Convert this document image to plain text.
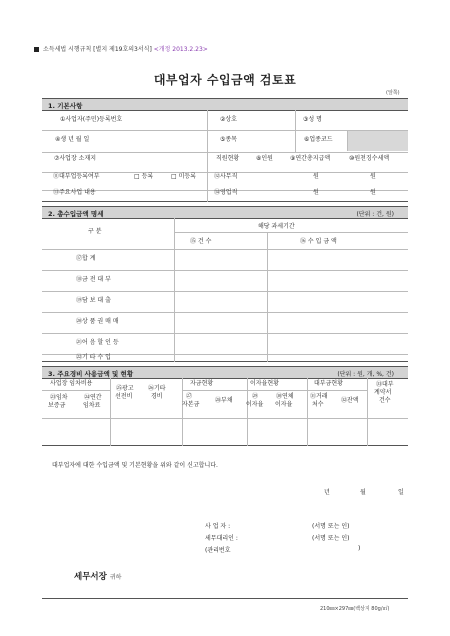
소득세법 시행규칙 [별지 제19호의3서식] <개정 2013.2.23>
대부업자 수입금액 검토표
(앞쪽)
1. 기본사항
①사업자(주민)등록번호	②상호	③성 명
④생 년 월 일	⑤종목	⑥업종코드
⑦사업장 소재지	직원현황	⑧인원	⑨연간총지급액	⑩원천징수세액
⑪대부업등록여부	□ 등록	□ 미등록	⑫사무직	원	원
⑬주요사업 내용	⑭영업직	원	원
2. 총수입금액 명세	(단위 : 건, 원)
구 분
해당 과세기간
⑮ 건 수	⑯ 수 입 금 액
⑰합 계
⑱금 전 대 부
⑲담 보 대 출
⑳상 품 권 매 매
㉑어 음 할 인 등
㉒기 타 수 입
3. 주요경비 사용금액 및 현황	(단위 : 원, 개, %, 건)
사업장 임차비용	자금현황	이자율현황	대부금현황
㉓임차
보증금
㉔연간
임차료
㉕광고
선전비
㉖기타
경비	㉗
자본금
㉘부채
㉙
이자율
㉚연체
이자율
㉛거래
처수
㉜잔액
㉝대부
계약서
건수
대부업자에 대한 수입금액 및 기본현황을 위와 같이 신고합니다.
년	월	일
사 업 자 :	(서명 또는 인)
세무대리인 :	(서명 또는 인)
(관리번호	)
세무서장 귀하
210㎜×297㎜(백상지 80g/㎡)
